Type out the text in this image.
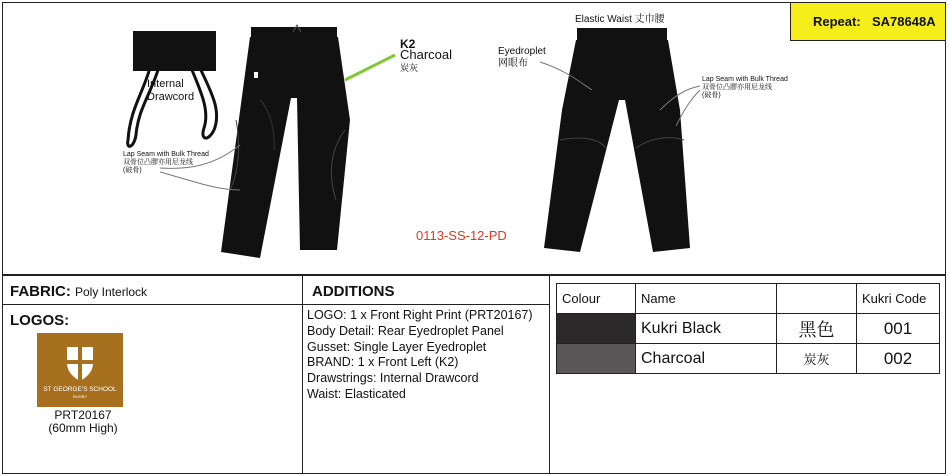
Internal
Drawcord
K2
Charcoal
炭灰
Lap Seam with Bulk Thread
双骨位凸膠亦用尼龙线
(破骨)
0113-SS-12-PD
Elastic Waist 丈巾腰
Eyedroplet
网眼布
Lap Seam with Bulk Thread
双骨位凸膠亦用尼龙线
(破骨)
Repeat: SA78648A
FABRIC: Poly Interlock
LOGOS:
ST GEORGE'S SCHOOL
RUGBY
PRT20167
(60mm High)
ADDITIONS
LOGO: 1 x Front Right Print (PRT20167)
Body Detail: Rear Eyedroplet Panel
Gusset: Single Layer Eyedroplet
BRAND: 1 x Front Left (K2)
Drawstrings: Internal Drawcord
Waist: Elasticated
Colour	Name		Kukri Code
	Kukri Black	黑色	001
	Charcoal	炭灰	002
